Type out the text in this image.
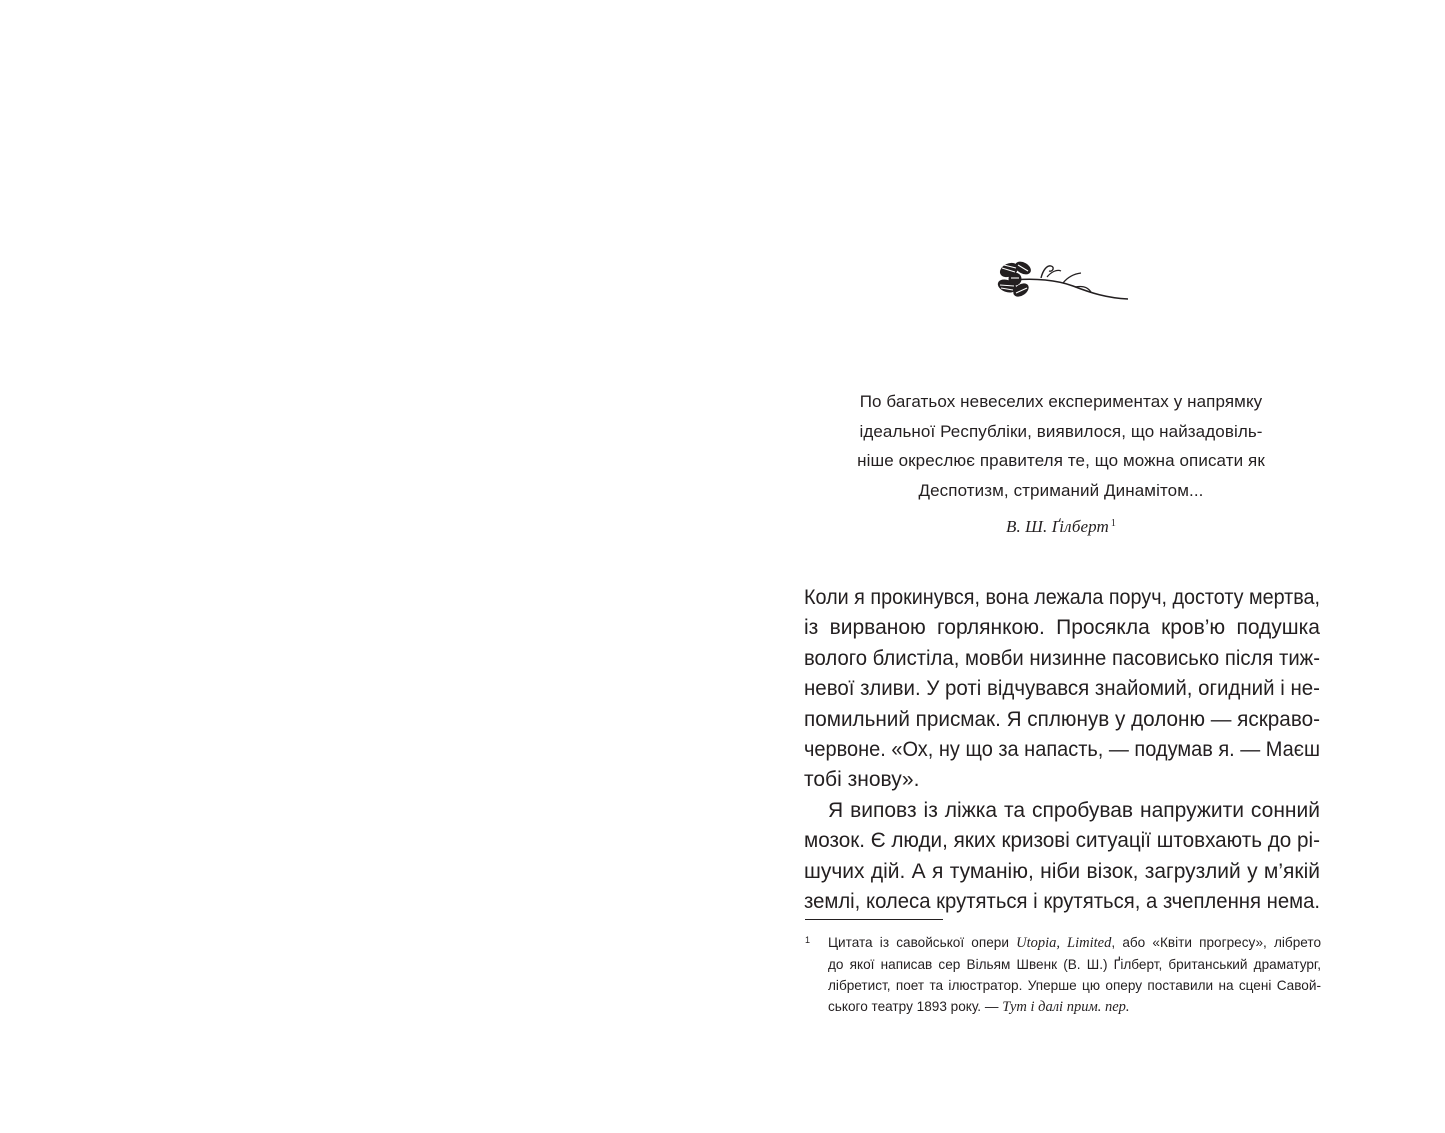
По багатьох невеселих експериментах у напрямку
ідеальної Республіки, виявилося, що найзадовіль-
ніше окреслює правителя те, що можна описати як
Деспотизм, стриманий Динамітом...
В. Ш. Ґілберт $^1$
Коли я прокинувся, вона лежала поруч, достоту мертва,
із вирваною горлянкою. Просякла кров’ю подушка
волого блистіла, мовби низинне пасовисько після тиж-
невої зливи. У роті відчувався знайомий, огидний і не-
помильний присмак. Я сплюнув у долоню — яскраво-
червоне. «Ох, ну що за напасть, — подумав я. — Маєш
тобі знову».
Я виповз із ліжка та спробував напружити сонний
мозок. Є люди, яких кризові ситуації штовхають до рі-
шучих дій. А я туманію, ніби візок, загрузлий у м’якій
землі, колеса крутяться і крутяться, а зчеплення нема.
1 Цитата із савойської опери Utopia, Limited, або «Квіти прогресу», лібрето
до якої написав сер Вільям Швенк (В. Ш.) Ґілберт, британський драматург,
лібретист, поет та ілюстратор. Уперше цю оперу поставили на сцені Савой-
ського театру 1893 року. — Тут і далі прим. пер.
